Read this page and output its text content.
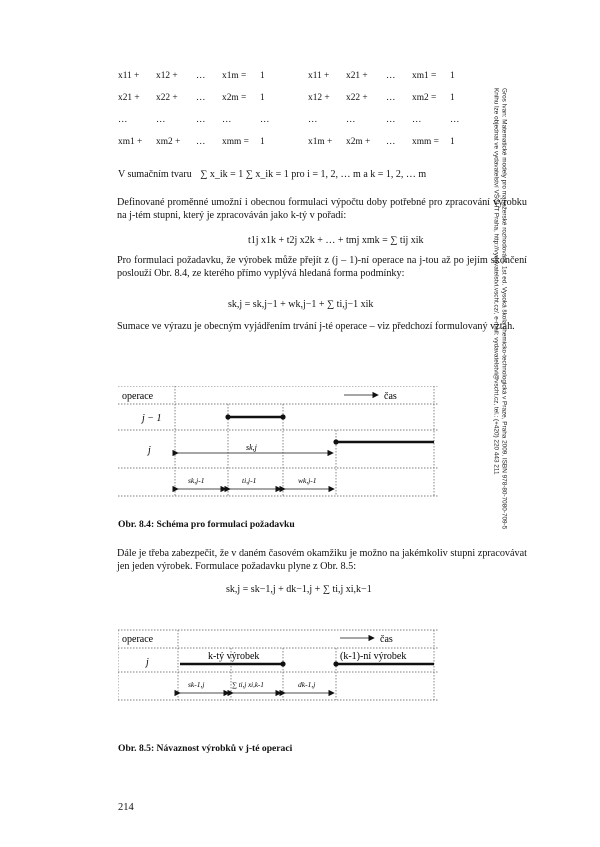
Gros Ivan: Matematické modely pro manažerské rozhodování, 1st ed. Vysoká škola chemicko-technologická v Praze, Praha 2009. ISBN 978-80-7080-709-5
Knihu lze objednat ve vydavatelství VŠCHT Praha, http://vydavatelstvi.vscht.cz/, e-mail: vydavatelstvi@vscht.cz, tel.: (+420) 220 443 211
x11 + x12 + … x1m = 1
x21 + x22 + … x2m = 1
…	…	… …	…
xm1 + xm2 + … xmm = 1
x11 + x21 + … xm1 = 1
x12 + x22 + … xm2 = 1
…	…	… …	…
x1m + x2m + … xmm = 1
V sumačním tvaru ∑ x_ik = 1 ∑ x_ik = 1 pro i = 1, 2, … m a k = 1, 2, … m
Definované proměnné umožní i obecnou formulaci výpočtu doby potřebné pro zpracování výrobku na j-tém stupni, který je zpracováván jako k-tý v pořadí:
t1j x1k + t2j x2k + … + tmj xmk = ∑ tij xik
Pro formulaci požadavku, že výrobek může přejít z (j – 1)-ní operace na j-tou až po jejím skončení poslouží Obr. 8.4, ze kterého přímo vyplývá hledaná forma podmínky:
sk,j = sk,j−1 + wk,j−1 + ∑ ti,j−1 xik
Sumace ve výrazu je obecným vyjádřením trvání j-té operace – viz předchozí formulovaný vztah.
operace	čas
j − 1
j	sk,j
sk,j-1	ti,j-1	wk,j-1
Obr. 8.4: Schéma pro formulaci požadavku
Dále je třeba zabezpečit, že v daném časovém okamžiku je možno na jakémkoliv stupni zpracovávat jen jeden výrobek. Formulace požadavku plyne z Obr. 8.5:
sk,j = sk−1,j + dk−1,j + ∑ ti,j xi,k−1
operace	čas
j
k-tý výrobek	(k-1)-ní výrobek
sk-1,j	∑ ti,j xi,k-1	dk-1,j
Obr. 8.5: Návaznost výrobků v j-té operaci
214
